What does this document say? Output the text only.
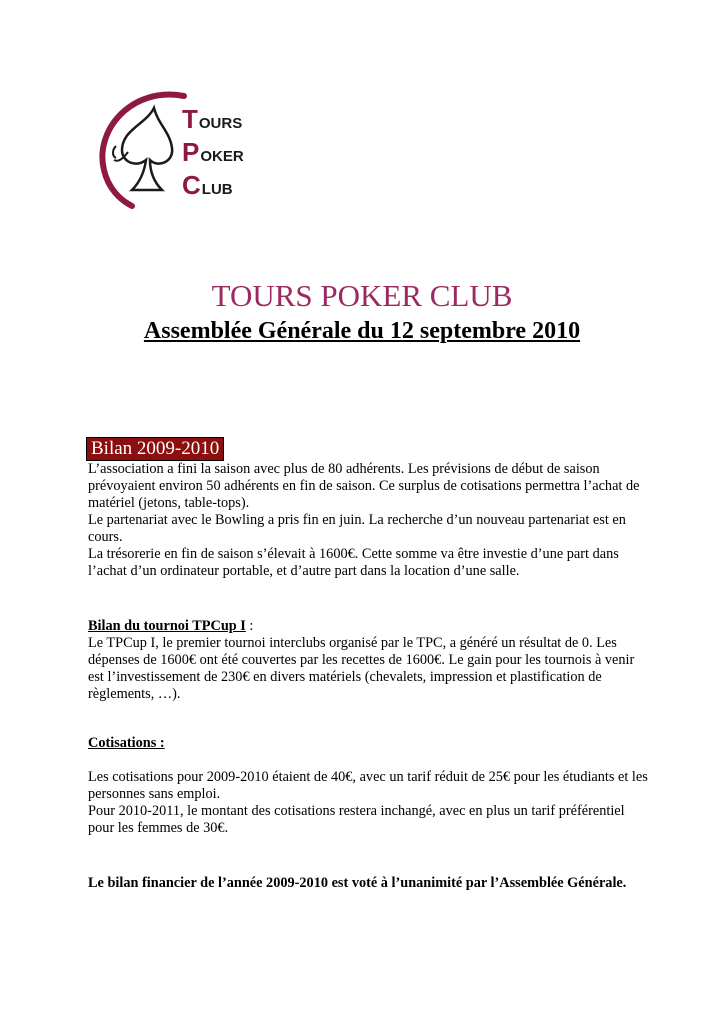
T OURS
P OKER
C LUB
TOURS POKER CLUB
Assemblée Générale du 12 septembre 2010
Bilan 2009-2010

L’association a fini la saison avec plus de 80 adhérents. Les prévisions de début de saison prévoyaient environ 50 adhérents en fin de saison. Ce surplus de cotisations permettra l’achat de matériel (jetons, table-tops).

Le partenariat avec le Bowling a pris fin en juin. La recherche d’un nouveau partenariat est en cours.

La trésorerie en fin de saison s’élevait à 1600€. Cette somme va être investie d’une part dans l’achat d’un ordinateur portable, et d’autre part dans la location d’une salle.

Bilan du tournoi TPCup I :

Le TPCup I, le premier tournoi interclubs organisé par le TPC, a généré un résultat de 0. Les dépenses de 1600€ ont été couvertes par les recettes de 1600€. Le gain pour les tournois à venir est l’investissement de 230€ en divers matériels (chevalets, impression et plastification de règlements, …).

Cotisations :

Les cotisations pour 2009-2010 étaient de 40€, avec un tarif réduit de 25€ pour les étudiants et les personnes sans emploi.

Pour 2010-2011, le montant des cotisations restera inchangé, avec en plus un tarif préférentiel pour les femmes de 30€.

Le bilan financier de l’année 2009-2010 est voté à l’unanimité par l’Assemblée Générale.
